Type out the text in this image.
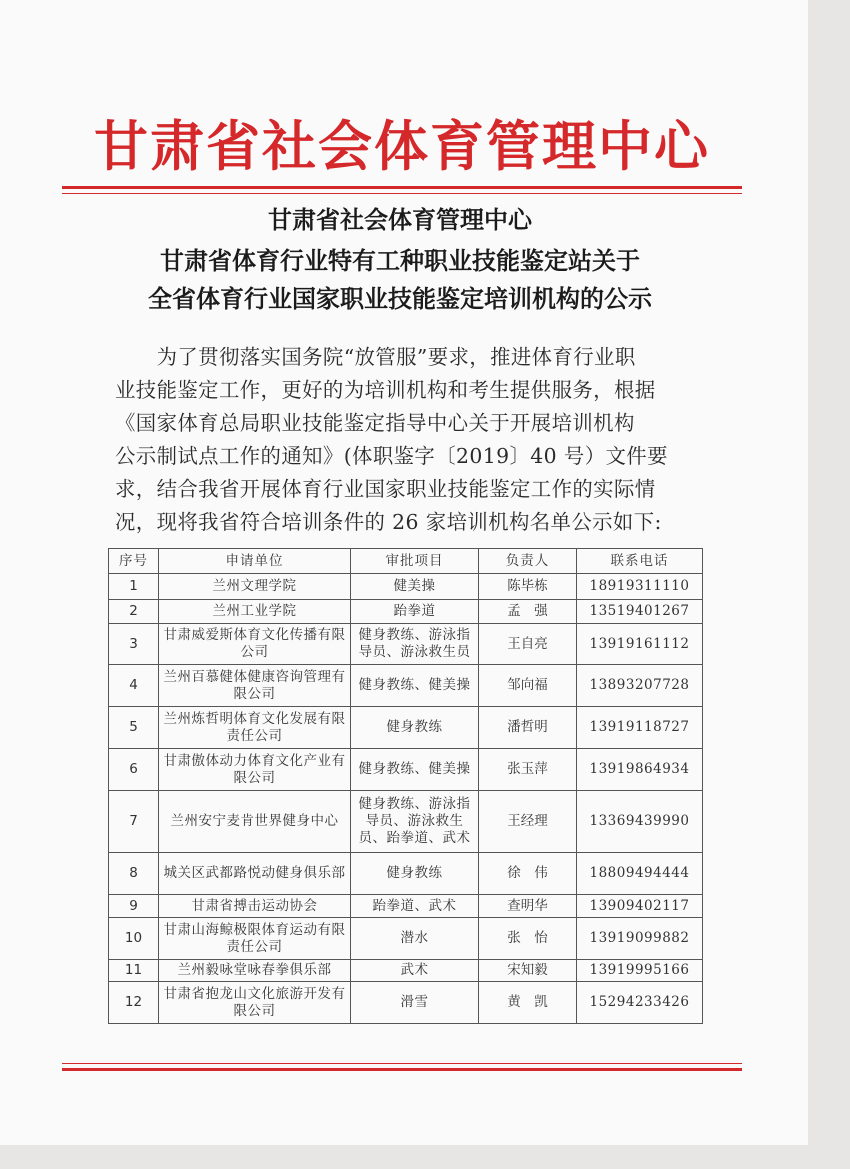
甘肃省社会体育管理中心
甘肃省社会体育管理中心
甘肃省体育行业特有工种职业技能鉴定站关于
全省体育行业国家职业技能鉴定培训机构的公示
　　为了贯彻落实国务院“放管服”要求，推进体育行业职
业技能鉴定工作，更好的为培训机构和考生提供服务，根据
《国家体育总局职业技能鉴定指导中心关于开展培训机构
公示制试点工作的通知》(体职鉴字〔2019〕40 号）文件要
求，结合我省开展体育行业国家职业技能鉴定工作的实际情
况，现将我省符合培训条件的 26 家培训机构名单公示如下:
序号	申请单位	审批项目	负责人	联系电话
1	兰州文理学院	健美操	陈毕栋	18919311110
2	兰州工业学院	跆拳道	孟　强	13519401267
3	甘肃威爱斯体育文化传播有限公司	健身教练、游泳指导员、游泳救生员	王自亮	13919161112
4	兰州百慕健体健康咨询管理有限公司	健身教练、健美操	邹向福	13893207728
5	兰州炼哲明体育文化发展有限责任公司	健身教练	潘哲明	13919118727
6	甘肃傲体动力体育文化产业有限公司	健身教练、健美操	张玉萍	13919864934
7	兰州安宁麦肯世界健身中心	健身教练、游泳指导员、游泳救生员、跆拳道、武术	王经理	13369439990
8	城关区武都路悦动健身俱乐部	健身教练	徐　伟	18809494444
9	甘肃省搏击运动协会	跆拳道、武术	查明华	13909402117
10	甘肃山海鲸极限体育运动有限责任公司	潜水	张　怡	13919099882
11	兰州毅咏堂咏春拳俱乐部	武术	宋知毅	13919995166
12	甘肃省抱龙山文化旅游开发有限公司	滑雪	黄　凯	15294233426
